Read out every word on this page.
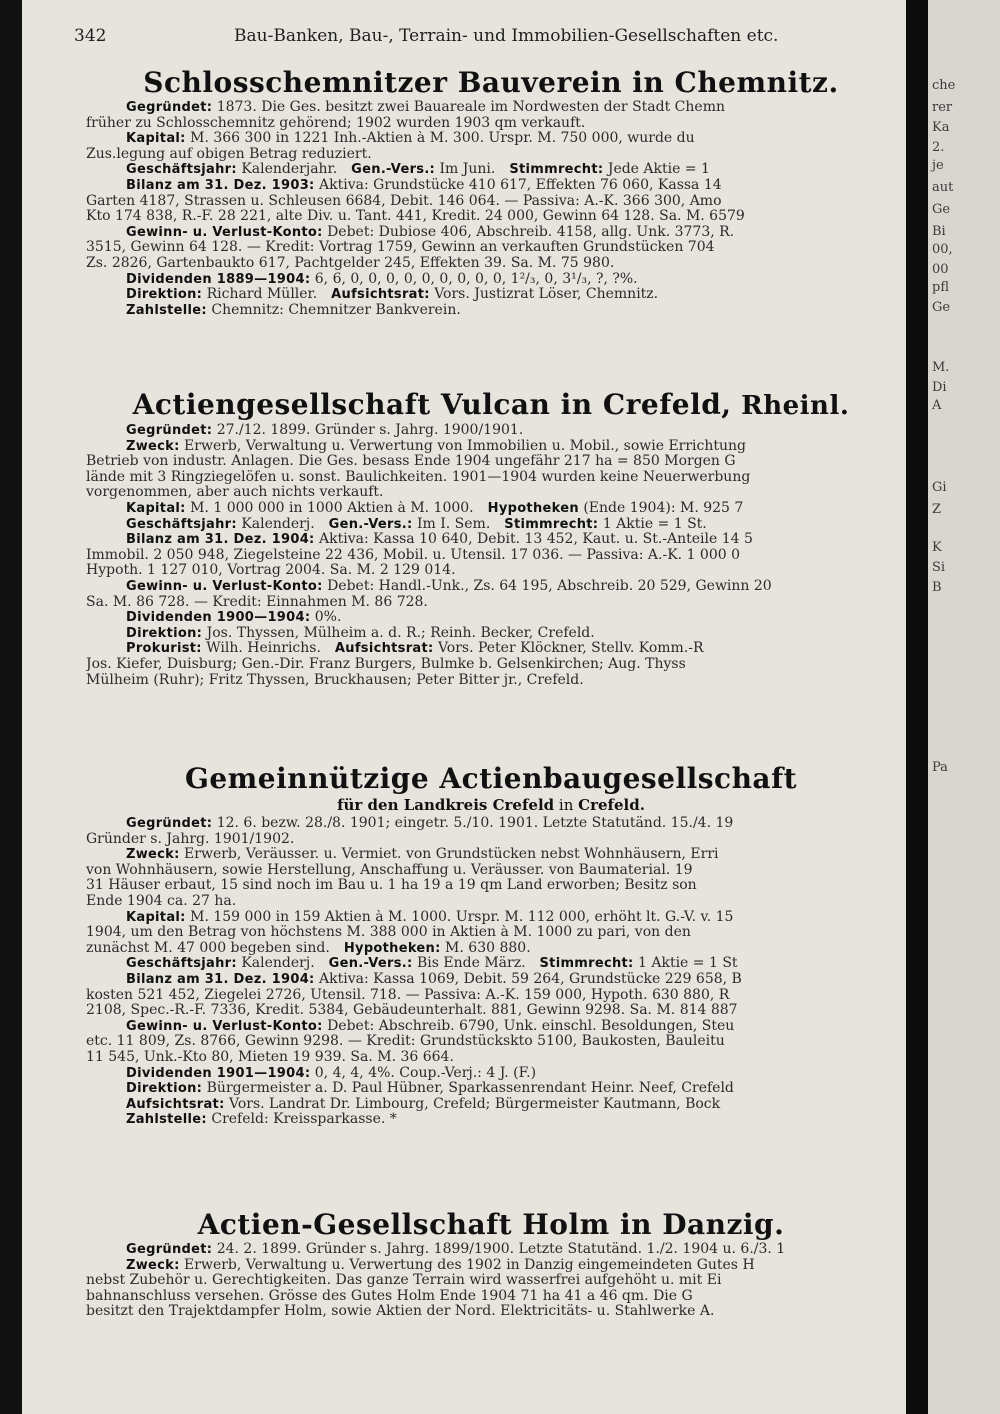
342	Bau-Banken, Bau-, Terrain- und Immobilien-Gesellschaften etc.
Schlosschemnitzer Bauverein in Chemnitz.
Gegründet: 1873. Die Ges. besitzt zwei Bauareale im Nordwesten der Stadt Chemn
früher zu Schlosschemnitz gehörend; 1902 wurden 1903 qm verkauft.
Kapital: M. 366 300 in 1221 Inh.-Aktien à M. 300. Urspr. M. 750 000, wurde du
Zus.legung auf obigen Betrag reduziert.
Geschäftsjahr: Kalenderjahr. Gen.-Vers.: Im Juni. Stimmrecht: Jede Aktie = 1
Bilanz am 31. Dez. 1903: Aktiva: Grundstücke 410 617, Effekten 76 060, Kassa 14
Garten 4187, Strassen u. Schleusen 6684, Debit. 146 064. — Passiva: A.-K. 366 300, Amo
Kto 174 838, R.-F. 28 221, alte Div. u. Tant. 441, Kredit. 24 000, Gewinn 64 128. Sa. M. 6579
Gewinn- u. Verlust-Konto: Debet: Dubiose 406, Abschreib. 4158, allg. Unk. 3773, R.
3515, Gewinn 64 128. — Kredit: Vortrag 1759, Gewinn an verkauften Grundstücken 704
Zs. 2826, Gartenbaukto 617, Pachtgelder 245, Effekten 39. Sa. M. 75 980.
Dividenden 1889—1904: 6, 6, 0, 0, 0, 0, 0, 0, 0, 0, 0, 1²/₃, 0, 3¹/₃, ?, ?%.
Direktion: Richard Müller. Aufsichtsrat: Vors. Justizrat Löser, Chemnitz.
Zahlstelle: Chemnitz: Chemnitzer Bankverein.
Actiengesellschaft Vulcan in Crefeld, Rheinl.
Gegründet: 27./12. 1899. Gründer s. Jahrg. 1900/1901.
Zweck: Erwerb, Verwaltung u. Verwertung von Immobilien u. Mobil., sowie Errichtung
Betrieb von industr. Anlagen. Die Ges. besass Ende 1904 ungefähr 217 ha = 850 Morgen G
lände mit 3 Ringziegelöfen u. sonst. Baulichkeiten. 1901—1904 wurden keine Neuerwerbung
vorgenommen, aber auch nichts verkauft.
Kapital: M. 1 000 000 in 1000 Aktien à M. 1000. Hypotheken (Ende 1904): M. 925 7
Geschäftsjahr: Kalenderj. Gen.-Vers.: Im I. Sem. Stimmrecht: 1 Aktie = 1 St.
Bilanz am 31. Dez. 1904: Aktiva: Kassa 10 640, Debit. 13 452, Kaut. u. St.-Anteile 14 5
Immobil. 2 050 948, Ziegelsteine 22 436, Mobil. u. Utensil. 17 036. — Passiva: A.-K. 1 000 0
Hypoth. 1 127 010, Vortrag 2004. Sa. M. 2 129 014.
Gewinn- u. Verlust-Konto: Debet: Handl.-Unk., Zs. 64 195, Abschreib. 20 529, Gewinn 20
Sa. M. 86 728. — Kredit: Einnahmen M. 86 728.
Dividenden 1900—1904: 0%.
Direktion: Jos. Thyssen, Mülheim a. d. R.; Reinh. Becker, Crefeld.
Prokurist: Wilh. Heinrichs. Aufsichtsrat: Vors. Peter Klöckner, Stellv. Komm.-R
Jos. Kiefer, Duisburg; Gen.-Dir. Franz Burgers, Bulmke b. Gelsenkirchen; Aug. Thyss
Mülheim (Ruhr); Fritz Thyssen, Bruckhausen; Peter Bitter jr., Crefeld.
Gemeinnützige Actienbaugesellschaft
für den Landkreis Crefeld in Crefeld.
Gegründet: 12. 6. bezw. 28./8. 1901; eingetr. 5./10. 1901. Letzte Statutänd. 15./4. 19
Gründer s. Jahrg. 1901/1902.
Zweck: Erwerb, Veräusser. u. Vermiet. von Grundstücken nebst Wohnhäusern, Erri
von Wohnhäusern, sowie Herstellung, Anschaffung u. Veräusser. von Baumaterial. 19
31 Häuser erbaut, 15 sind noch im Bau u. 1 ha 19 a 19 qm Land erworben; Besitz son
Ende 1904 ca. 27 ha.
Kapital: M. 159 000 in 159 Aktien à M. 1000. Urspr. M. 112 000, erhöht lt. G.-V. v. 15
1904, um den Betrag von höchstens M. 388 000 in Aktien à M. 1000 zu pari, von den
zunächst M. 47 000 begeben sind. Hypotheken: M. 630 880.
Geschäftsjahr: Kalenderj. Gen.-Vers.: Bis Ende März. Stimmrecht: 1 Aktie = 1 St
Bilanz am 31. Dez. 1904: Aktiva: Kassa 1069, Debit. 59 264, Grundstücke 229 658, B
kosten 521 452, Ziegelei 2726, Utensil. 718. — Passiva: A.-K. 159 000, Hypoth. 630 880, R
2108, Spec.-R.-F. 7336, Kredit. 5384, Gebäudeunterhalt. 881, Gewinn 9298. Sa. M. 814 887
Gewinn- u. Verlust-Konto: Debet: Abschreib. 6790, Unk. einschl. Besoldungen, Steu
etc. 11 809, Zs. 8766, Gewinn 9298. — Kredit: Grundstückskto 5100, Baukosten, Bauleitu
11 545, Unk.-Kto 80, Mieten 19 939. Sa. M. 36 664.
Dividenden 1901—1904: 0, 4, 4, 4%. Coup.-Verj.: 4 J. (F.)
Direktion: Bürgermeister a. D. Paul Hübner, Sparkassenrendant Heinr. Neef, Crefeld
Aufsichtsrat: Vors. Landrat Dr. Limbourg, Crefeld; Bürgermeister Kautmann, Bock
Zahlstelle: Crefeld: Kreissparkasse. *
Actien-Gesellschaft Holm in Danzig.
Gegründet: 24. 2. 1899. Gründer s. Jahrg. 1899/1900. Letzte Statutänd. 1./2. 1904 u. 6./3. 1
Zweck: Erwerb, Verwaltung u. Verwertung des 1902 in Danzig eingemeindeten Gutes H
nebst Zubehör u. Gerechtigkeiten. Das ganze Terrain wird wasserfrei aufgehöht u. mit Ei
bahnanschluss versehen. Grösse des Gutes Holm Ende 1904 71 ha 41 a 46 qm. Die G
besitzt den Trajektdampfer Holm, sowie Aktien der Nord. Elektricitäts- u. Stahlwerke A.
che
rer
Ka
2.
je
aut
Ge
Bi
00,
00
pfl
Ge
M.
Di
A
Gi
Z
K
Si
B
Pa
